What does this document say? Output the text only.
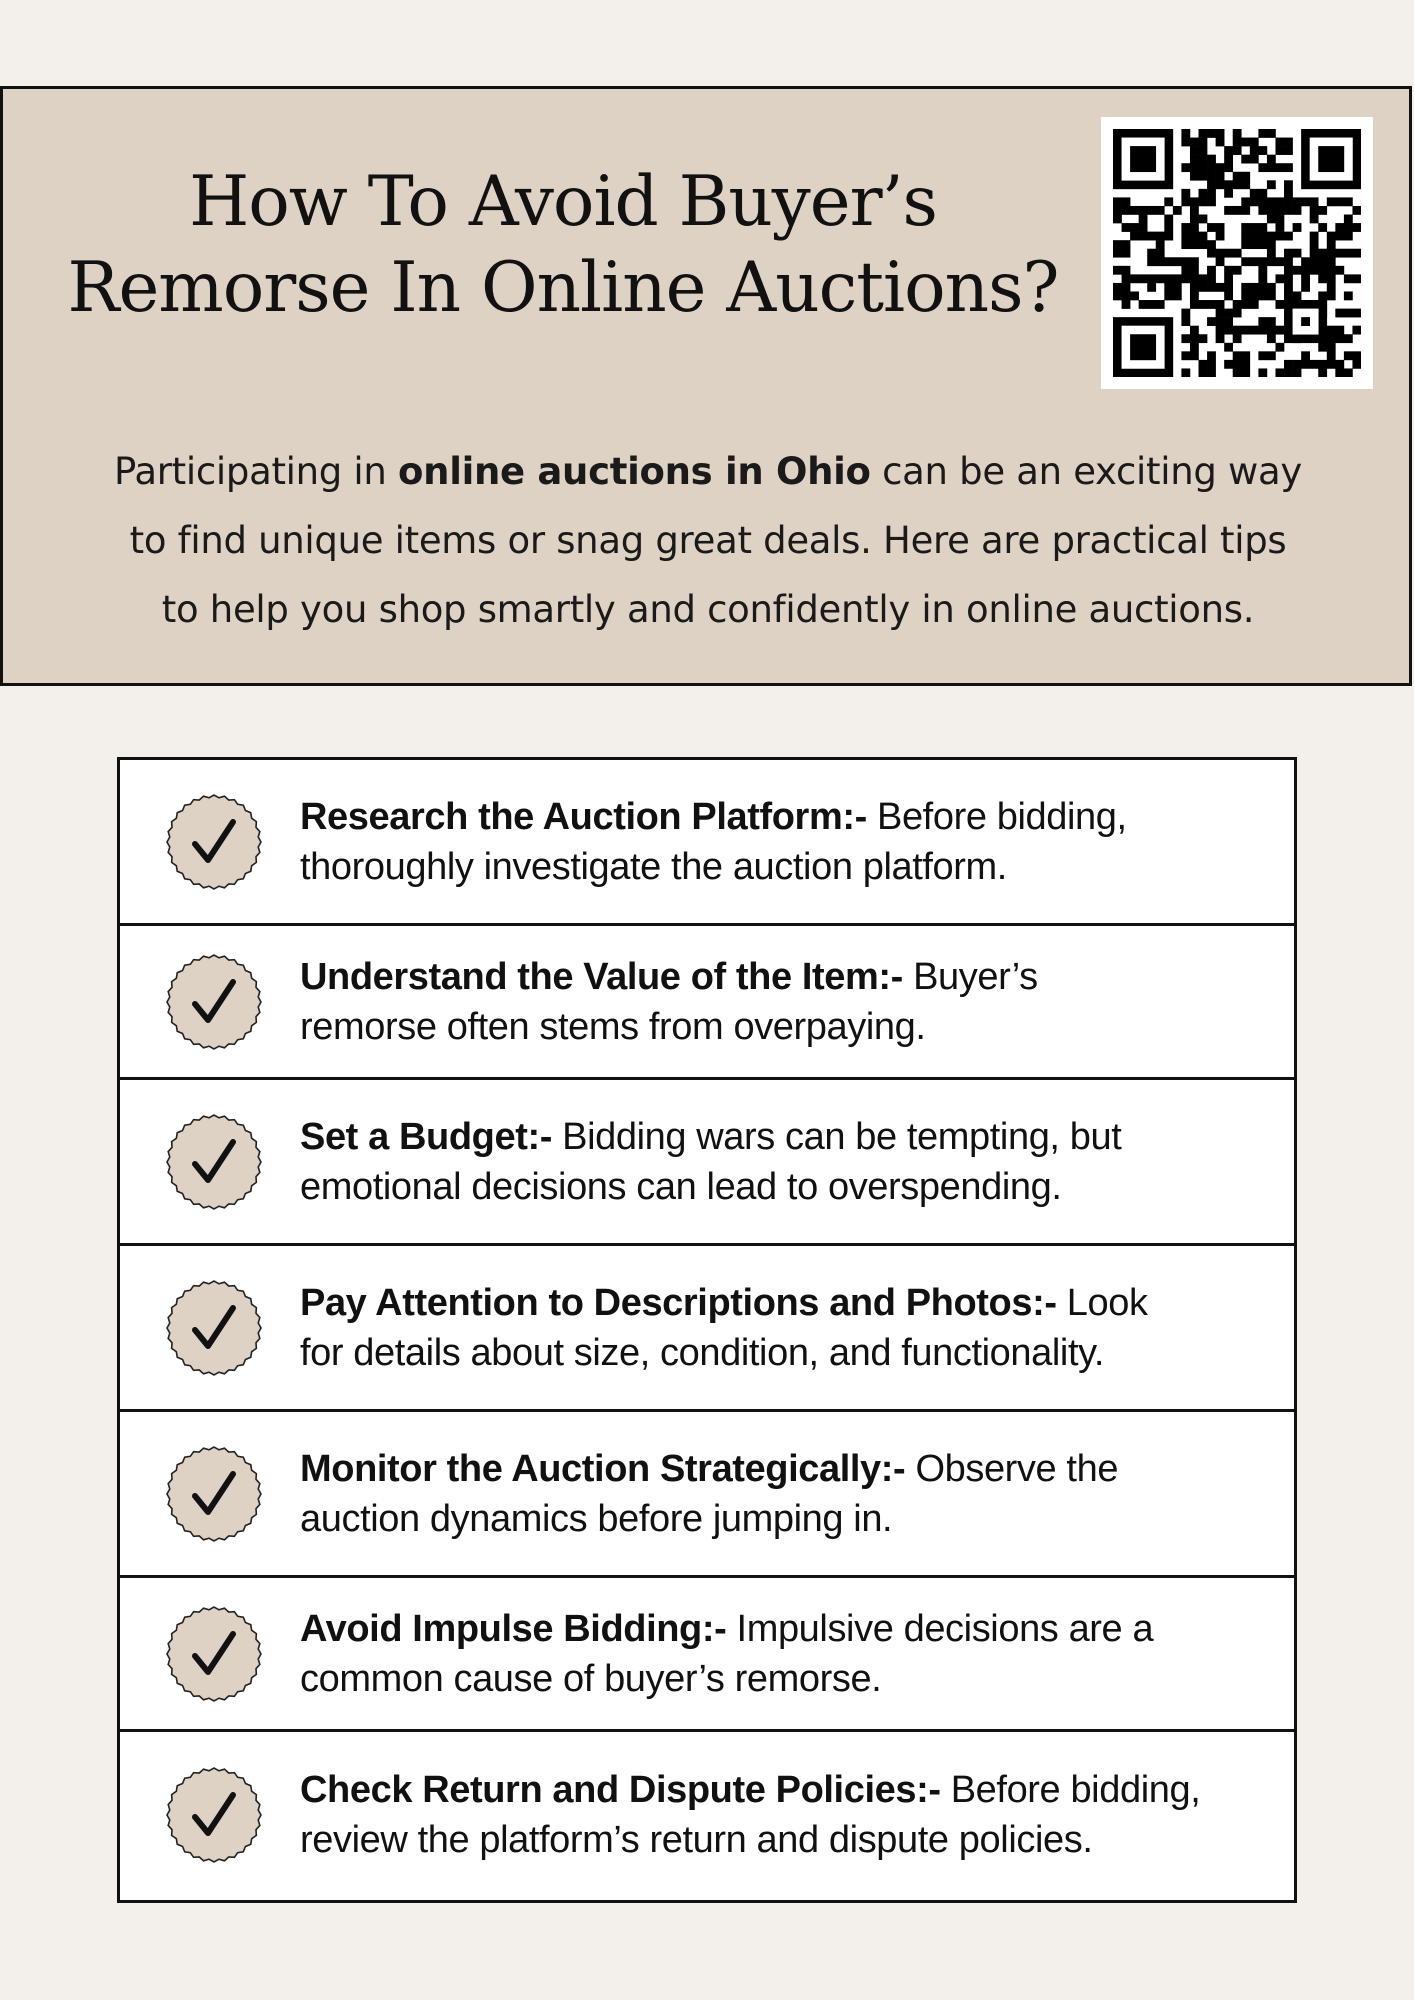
How To Avoid Buyer’s
Remorse In Online Auctions?
Participating in online auctions in Ohio can be an exciting way
to find unique items or snag great deals. Here are practical tips
to help you shop smartly and confidently in online auctions.
Research the Auction Platform:- Before bidding,
thoroughly investigate the auction platform.
Understand the Value of the Item:- Buyer’s
remorse often stems from overpaying.
Set a Budget:- Bidding wars can be tempting, but
emotional decisions can lead to overspending.
Pay Attention to Descriptions and Photos:- Look
for details about size, condition, and functionality.
Monitor the Auction Strategically:- Observe the
auction dynamics before jumping in.
Avoid Impulse Bidding:- Impulsive decisions are a
common cause of buyer’s remorse.
Check Return and Dispute Policies:- Before bidding,
review the platform’s return and dispute policies.
